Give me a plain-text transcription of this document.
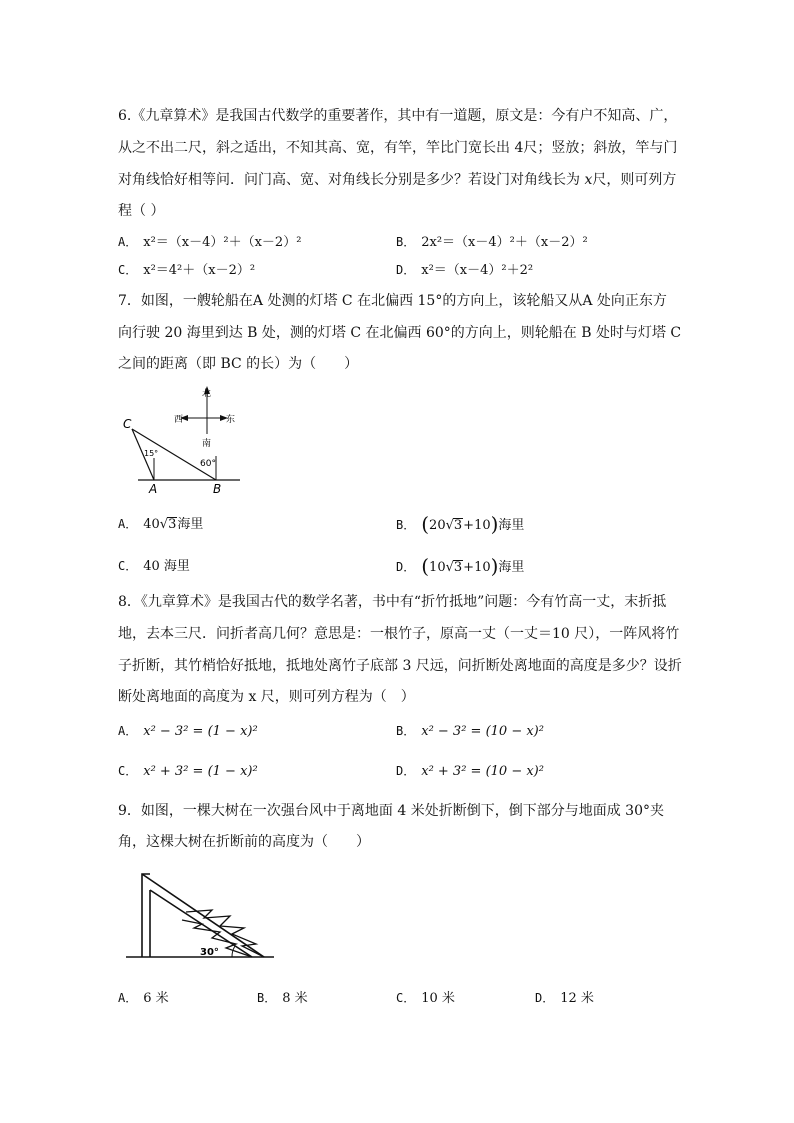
6.《九章算术》是我国古代数学的重要著作，其中有一道题，原文是：今有户不知高、广，
从之不出二尺，斜之适出，不知其高、宽，有竿，竿比门宽长出 4尺；竖放；斜放，竿与门
对角线恰好相等问．问门高、宽、对角线长分别是多少？若设门对角线长为 x尺，则可列方
程（ ）
A． x²＝（x－4）²＋（x－2）²	B． 2x²＝（x－4）²＋（x－2）²
C． x²＝4²＋（x－2）²	D． x²＝（x－4）²＋2²
7．如图，一艘轮船在A 处测的灯塔 C 在北偏西 15°的方向上，该轮船又从A 处向正东方
向行驶 20 海里到达 B 处，测的灯塔 C 在北偏西 60°的方向上，则轮船在 B 处时与灯塔 C
之间的距离（即 BC 的长）为（　　）
北
西	东
南
15°
60°
C
A	B
A． 40√3海里	B． (20√3+10)海里
C． 40 海里	D． (10√3+10)海里
8．《九章算术》是我国古代的数学名著，书中有“折竹抵地”问题：今有竹高一丈，末折抵
地，去本三尺．问折者高几何？意思是：一根竹子，原高一丈（一丈＝10 尺），一阵风将竹
子折断，其竹梢恰好抵地，抵地处离竹子底部 3 尺远，问折断处离地面的高度是多少？设折
断处离地面的高度为 x 尺，则可列方程为（　）
A． x² − 3² = (1 − x)²	B． x² − 3² = (10 − x)²
C． x² + 3² = (1 − x)²	D． x² + 3² = (10 − x)²
9．如图，一棵大树在一次强台风中于离地面 4 米处折断倒下，倒下部分与地面成 30°夹
角，这棵大树在折断前的高度为（　　）
30°
A． 6 米	B． 8 米	C． 10 米	D． 12 米
